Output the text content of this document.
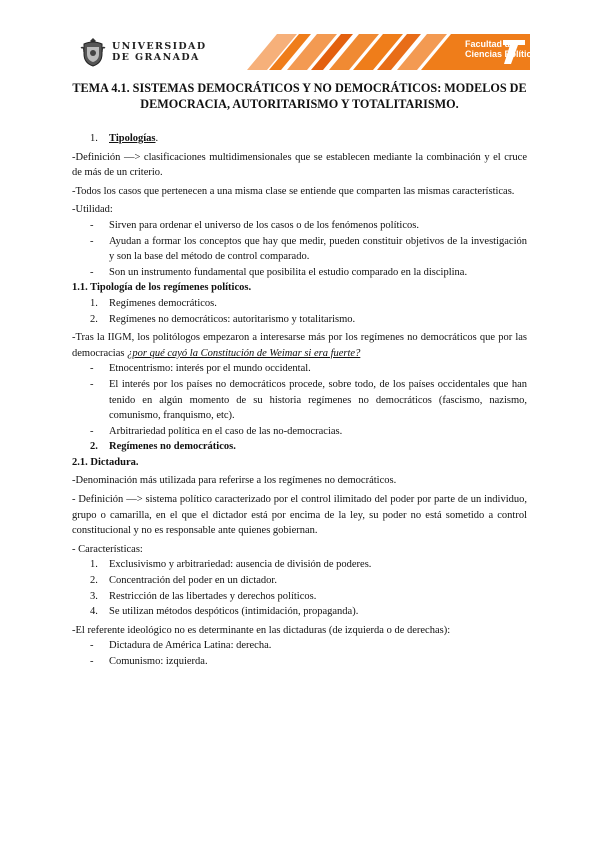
UNIVERSIDAD
DE GRANADA
Facultad de
Ciencias Políticas y Sociología
TEMA 4.1. SISTEMAS DEMOCRÁTICOS Y NO DEMOCRÁTICOS: MODELOS DE
DEMOCRACIA, AUTORITARISMO Y TOTALITARISMO.
1.	Tipologías.

-Definición —> clasificaciones multidimensionales que se establecen mediante la combinación y el cruce de más de un criterio.

-Todos los casos que pertenecen a una misma clase se entiende que comparten las mismas características.

-Utilidad:

-	Sirven para ordenar el universo de los casos o de los fenómenos políticos.
-	Ayudan a formar los conceptos que hay que medir, pueden constituir objetivos de la investigación y son la base del método de control comparado.
-	Son un instrumento fundamental que posibilita el estudio comparado en la disciplina.

1.1. Tipología de los regímenes políticos.

1.	Regímenes democráticos.
2.	Regímenes no democráticos: autoritarismo y totalitarismo.

-Tras la IIGM, los politólogos empezaron a interesarse más por los regímenes no democráticos que por las democracias ¿por qué cayó la Constitución de Weimar si era fuerte?

-	Etnocentrismo: interés por el mundo occidental.
-	El interés por los países no democráticos procede, sobre todo, de los países occidentales que han tenido en algún momento de su historia regímenes no democráticos (fascismo, nazismo, comunismo, franquismo, etc).
-	Arbitrariedad política en el caso de las no-democracias.
2.	Regímenes no democráticos.

2.1. Dictadura.

-Denominación más utilizada para referirse a los regímenes no democráticos.

- Definición —> sistema político caracterizado por el control ilimitado del poder por parte de un individuo, grupo o camarilla, en el que el dictador está por encima de la ley, su poder no está sometido a control constitucional y no es responsable ante quienes gobiernan.

- Características:

1.	Exclusivismo y arbitrariedad: ausencia de división de poderes.
2.	Concentración del poder en un dictador.
3.	Restricción de las libertades y derechos políticos.
4.	Se utilizan métodos despóticos (intimidación, propaganda).

-El referente ideológico no es determinante en las dictaduras (de izquierda o de derechas):

-	Dictadura de América Latina: derecha.
-	Comunismo: izquierda.
